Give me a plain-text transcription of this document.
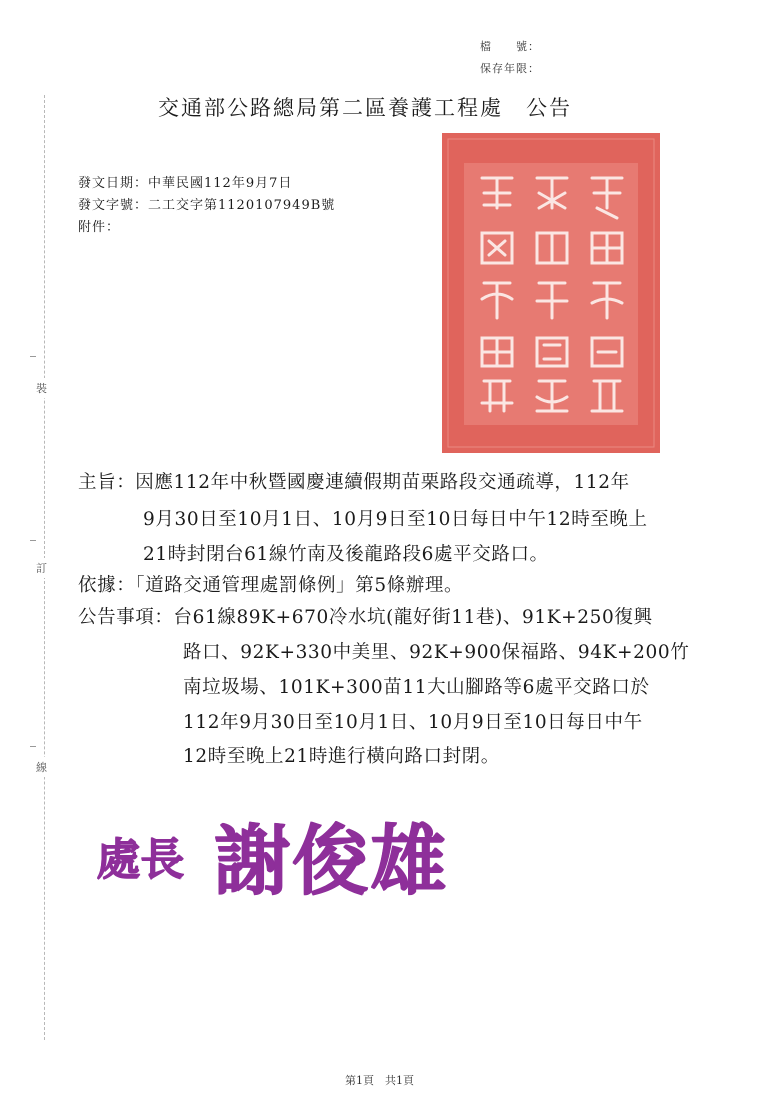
裝
訂
線
檔　　號：
保存年限：
交通部公路總局第二區養護工程處　公告
發文日期：中華民國112年9月7日
發文字號：二工交字第1120107949B號
附件：
主旨：因應112年中秋暨國慶連續假期苗栗路段交通疏導，112年
9月30日至10月1日、10月9日至10日每日中午12時至晚上
21時封閉台61線竹南及後龍路段6處平交路口。
依據：「道路交通管理處罰條例」第5條辦理。
公告事項：台61線89K+670冷水坑(龍好街11巷)、91K+250復興
路口、92K+330中美里、92K+900保福路、94K+200竹
南垃圾場、101K+300苗11大山腳路等6處平交路口於
112年9月30日至10月1日、10月9日至10日每日中午
12時至晚上21時進行橫向路口封閉。
處長 謝俊雄
第1頁　共1頁
